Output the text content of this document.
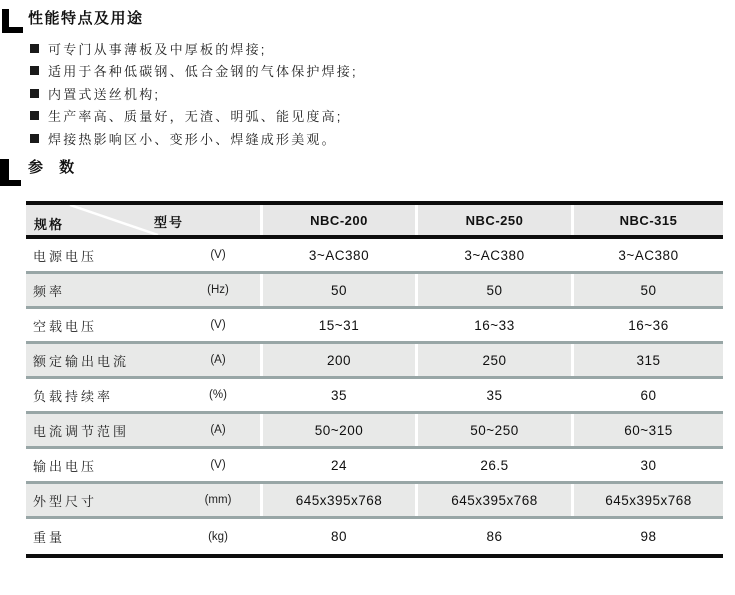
性能特点及用途
可专门从事薄板及中厚板的焊接;
适用于各种低碳钢、低合金钢的气体保护焊接;
内置式送丝机构;
生产率高、质量好，无渣、明弧、能见度高;
焊接热影响区小、变形小、焊缝成形美观。
参 数
规格	型号	NBC-200	NBC-250	NBC-315
电源电压	(V)	3~AC380	3~AC380	3~AC380
频率	(Hz)	50	50	50
空载电压	(V)	15~31	16~33	16~36
额定输出电流	(A)	200	250	315
负载持续率	(%)	35	35	60
电流调节范围	(A)	50~200	50~250	60~315
输出电压	(V)	24	26.5	30
外型尺寸	(mm)	645x395x768	645x395x768	645x395x768
重量	(kg)	80	86	98
